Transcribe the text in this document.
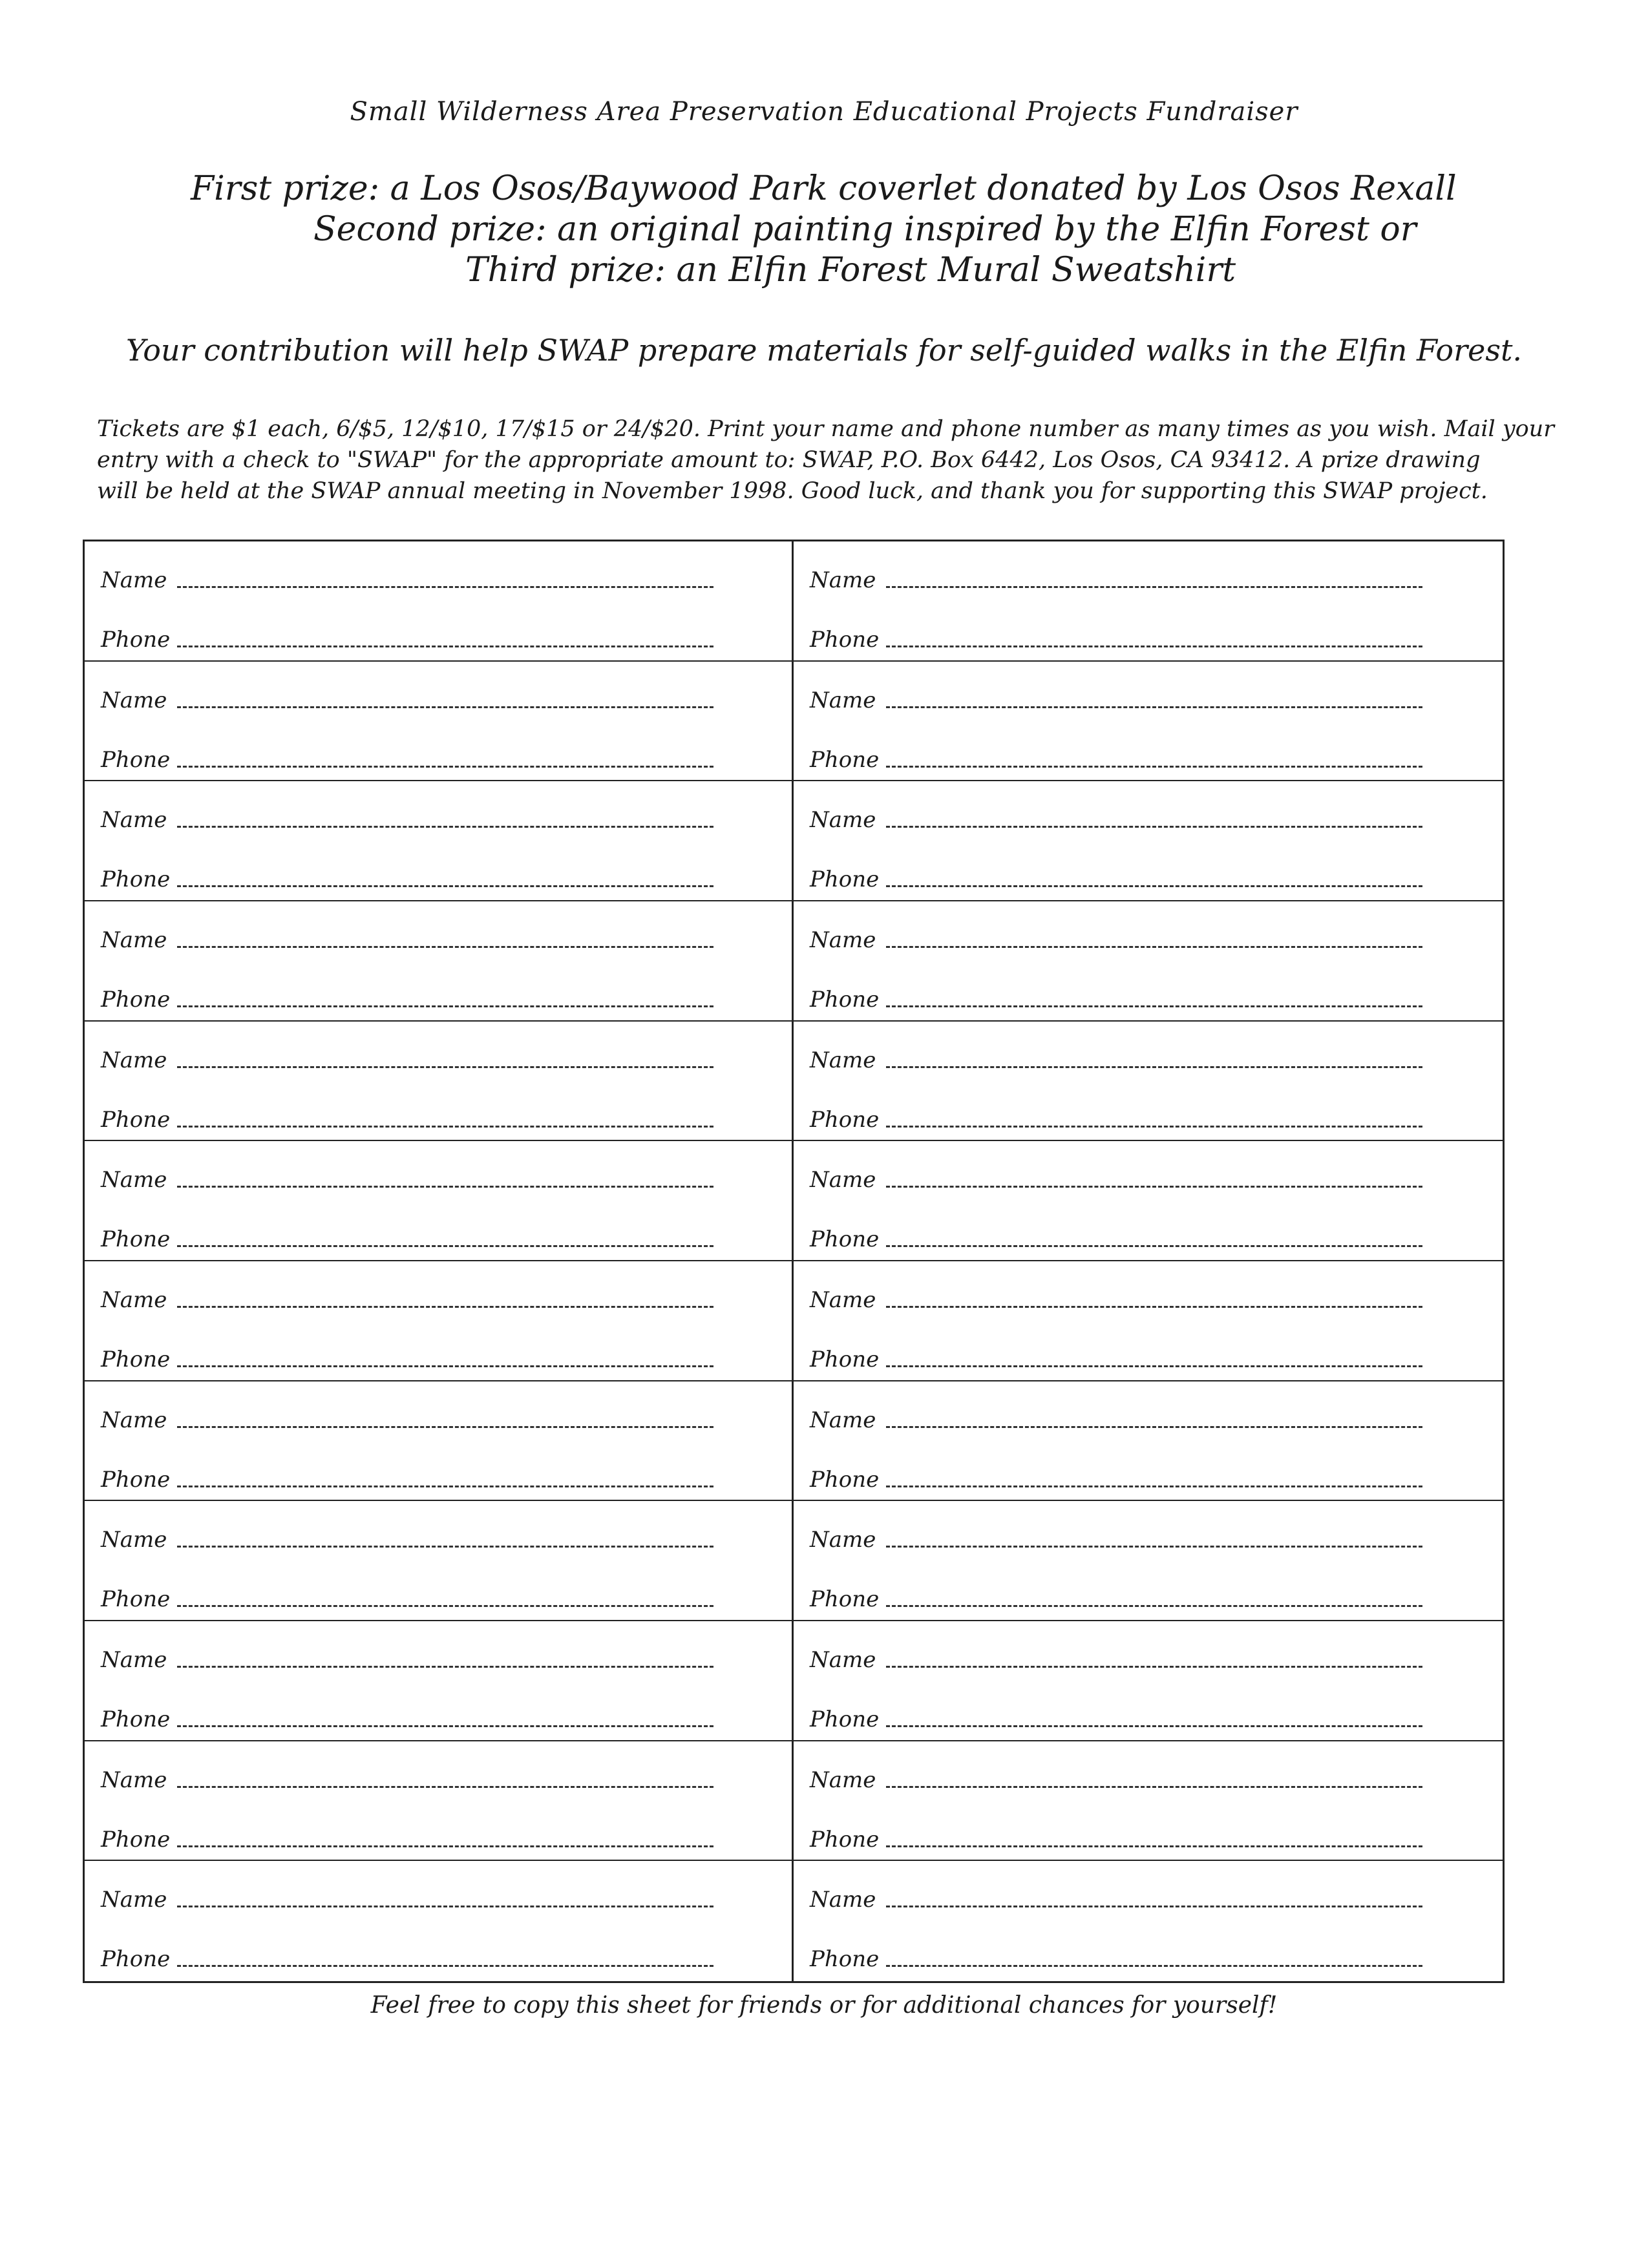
Small Wilderness Area Preservation Educational Projects Fundraiser
First prize: a Los Osos/Baywood Park coverlet donated by Los Osos Rexall
Second prize: an original painting inspired by the Elfin Forest or
Third prize: an Elfin Forest Mural Sweatshirt
Your contribution will help SWAP prepare materials for self-guided walks in the Elfin Forest.
Tickets are $1 each, 6/$5, 12/$10, 17/$15 or 24/$20. Print your name and phone number as many times as you wish. Mail your
entry with a check to "SWAP" for the appropriate amount to: SWAP, P.O. Box 6442, Los Osos, CA 93412. A prize drawing
will be held at the SWAP annual meeting in November 1998. Good luck, and thank you for supporting this SWAP project.
Name
Phone
Name
Phone
Name
Phone
Name
Phone
Name
Phone
Name
Phone
Name
Phone
Name
Phone
Name
Phone
Name
Phone
Name
Phone
Name
Phone
Name
Phone
Name
Phone
Name
Phone
Name
Phone
Name
Phone
Name
Phone
Name
Phone
Name
Phone
Name
Phone
Name
Phone
Name
Phone
Name
Phone
Feel free to copy this sheet for friends or for additional chances for yourself!
